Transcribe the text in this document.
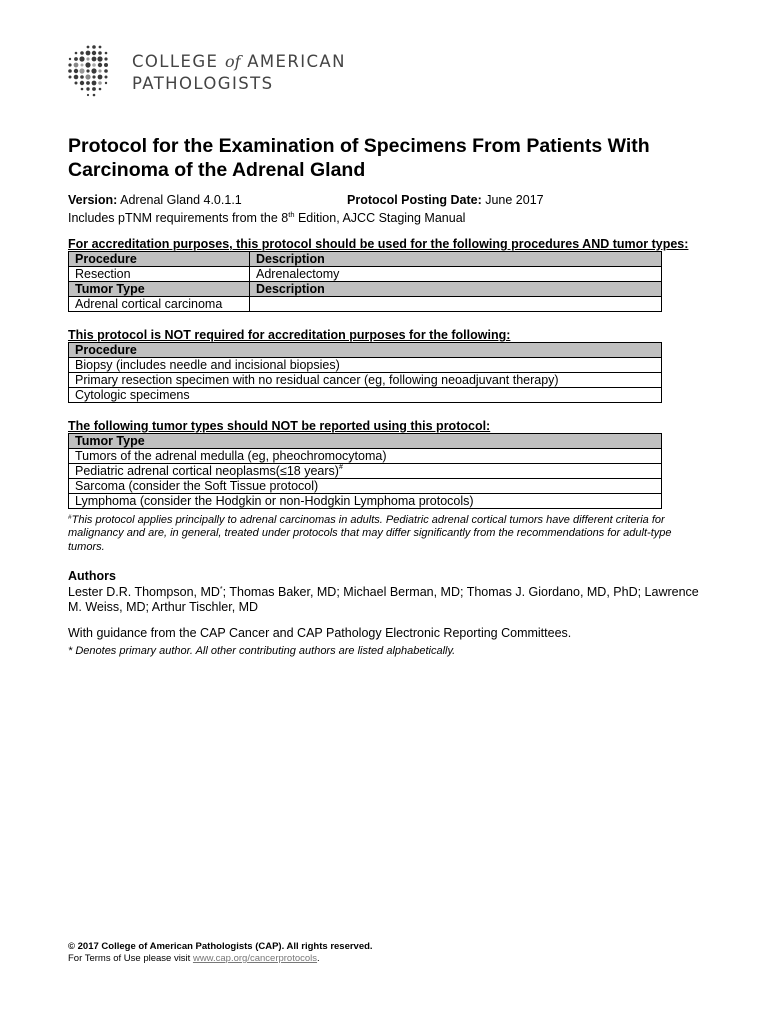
COLLEGE of AMERICAN
PATHOLOGISTS
Protocol for the Examination of Specimens From Patients With Carcinoma of the Adrenal Gland
Version: Adrenal Gland 4.0.1.1	Protocol Posting Date: June 2017
Includes pTNM requirements from the 8th Edition, AJCC Staging Manual
For accreditation purposes, this protocol should be used for the following procedures AND tumor types:
Procedure	Description
Resection	Adrenalectomy
Tumor Type	Description
Adrenal cortical carcinoma	
This protocol is NOT required for accreditation purposes for the following:
Procedure
Biopsy (includes needle and incisional biopsies)
Primary resection specimen with no residual cancer (eg, following neoadjuvant therapy)
Cytologic specimens
The following tumor types should NOT be reported using this protocol:
Tumor Type
Tumors of the adrenal medulla (eg, pheochromocytoma)
Pediatric adrenal cortical neoplasms(≤18 years)#
Sarcoma (consider the Soft Tissue protocol)
Lymphoma (consider the Hodgkin or non-Hodgkin Lymphoma protocols)
#This protocol applies principally to adrenal carcinomas in adults. Pediatric adrenal cortical tumors have different criteria for malignancy and are, in general, treated under protocols that may differ significantly from the recommendations for adult-type tumors.
Authors
Lester D.R. Thompson, MD*; Thomas Baker, MD; Michael Berman, MD; Thomas J. Giordano, MD, PhD; Lawrence M. Weiss, MD; Arthur Tischler, MD
With guidance from the CAP Cancer and CAP Pathology Electronic Reporting Committees.
* Denotes primary author. All other contributing authors are listed alphabetically.
© 2017 College of American Pathologists (CAP). All rights reserved.
For Terms of Use please visit www.cap.org/cancerprotocols.
